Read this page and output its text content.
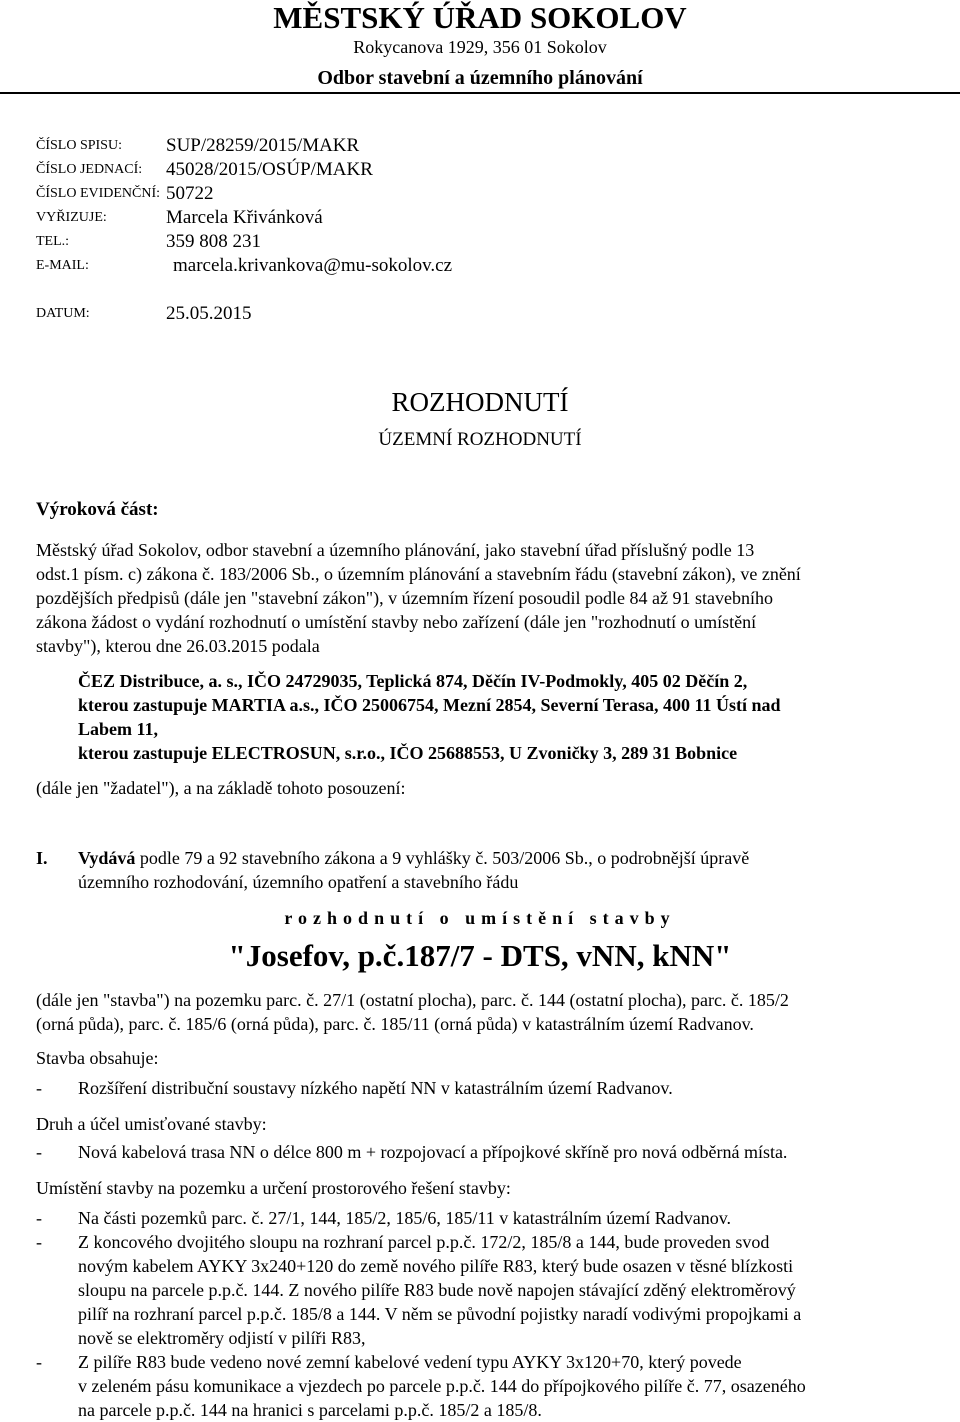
MĚSTSKÝ ÚŘAD SOKOLOV
Rokycanova 1929, 356 01 Sokolov
Odbor stavební a územního plánování
ČÍSLO SPISU: SUP/28259/2015/MAKR
ČÍSLO JEDNACÍ: 45028/2015/OSÚP/MAKR
ČÍSLO EVIDENČNÍ: 50722
VYŘIZUJE:	Marcela Křivánková
TEL.:	359 808 231
E-MAIL:	marcela.krivankova@mu-sokolov.cz
DATUM:	25.05.2015
ROZHODNUTÍ
ÚZEMNÍ ROZHODNUTÍ
Výroková část:
Městský úřad Sokolov, odbor stavební a územního plánování, jako stavební úřad příslušný podle 13
odst.1 písm. c) zákona č. 183/2006 Sb., o územním plánování a stavebním řádu (stavební zákon), ve znění
pozdějších předpisů (dále jen "stavební zákon"), v územním řízení posoudil podle 84 až 91 stavebního
zákona žádost o vydání rozhodnutí o umístění stavby nebo zařízení (dále jen "rozhodnutí o umístění
stavby"), kterou dne 26.03.2015 podala
ČEZ Distribuce, a. s., IČO 24729035, Teplická 874, Děčín IV-Podmokly, 405 02 Děčín 2,
kterou zastupuje MARTIA a.s., IČO 25006754, Mezní 2854, Severní Terasa, 400 11 Ústí nad
Labem 11,
kterou zastupuje ELECTROSUN, s.r.o., IČO 25688553, U Zvoničky 3, 289 31 Bobnice
(dále jen "žadatel"), a na základě tohoto posouzení:
I. Vydává podle 79 a 92 stavebního zákona a 9 vyhlášky č. 503/2006 Sb., o podrobnější úpravě
územního rozhodování, územního opatření a stavebního řádu
rozhodnutí o umístění stavby
"Josefov, p.č.187/7 - DTS, vNN, kNN"
(dále jen "stavba") na pozemku parc. č. 27/1 (ostatní plocha), parc. č. 144 (ostatní plocha), parc. č. 185/2
(orná půda), parc. č. 185/6 (orná půda), parc. č. 185/11 (orná půda) v katastrálním území Radvanov.
Stavba obsahuje:
- Rozšíření distribuční soustavy nízkého napětí NN v katastrálním území Radvanov.
Druh a účel umisťované stavby:
- Nová kabelová trasa NN o délce 800 m + rozpojovací a přípojkové skříně pro nová odběrná místa.
Umístění stavby na pozemku a určení prostorového řešení stavby:
- Na části pozemků parc. č. 27/1, 144, 185/2, 185/6, 185/11 v katastrálním území Radvanov.
- Z koncového dvojitého sloupu na rozhraní parcel p.p.č. 172/2, 185/8 a 144, bude proveden svod
novým kabelem AYKY 3x240+120 do země nového pilíře R83, který bude osazen v těsné blízkosti
sloupu na parcele p.p.č. 144. Z nového pilíře R83 bude nově napojen stávající zděný elektroměrový
pilíř na rozhraní parcel p.p.č. 185/8 a 144. V něm se původní pojistky naradí vodivými propojkami a
nově se elektroměry odjistí v pilíři R83,
- Z pilíře R83 bude vedeno nové zemní kabelové vedení typu AYKY 3x120+70, který povede
v zeleném pásu komunikace a vjezdech po parcele p.p.č. 144 do přípojkového pilíře č. 77, osazeného
na parcele p.p.č. 144 na hranici s parcelami p.p.č. 185/2 a 185/8.
